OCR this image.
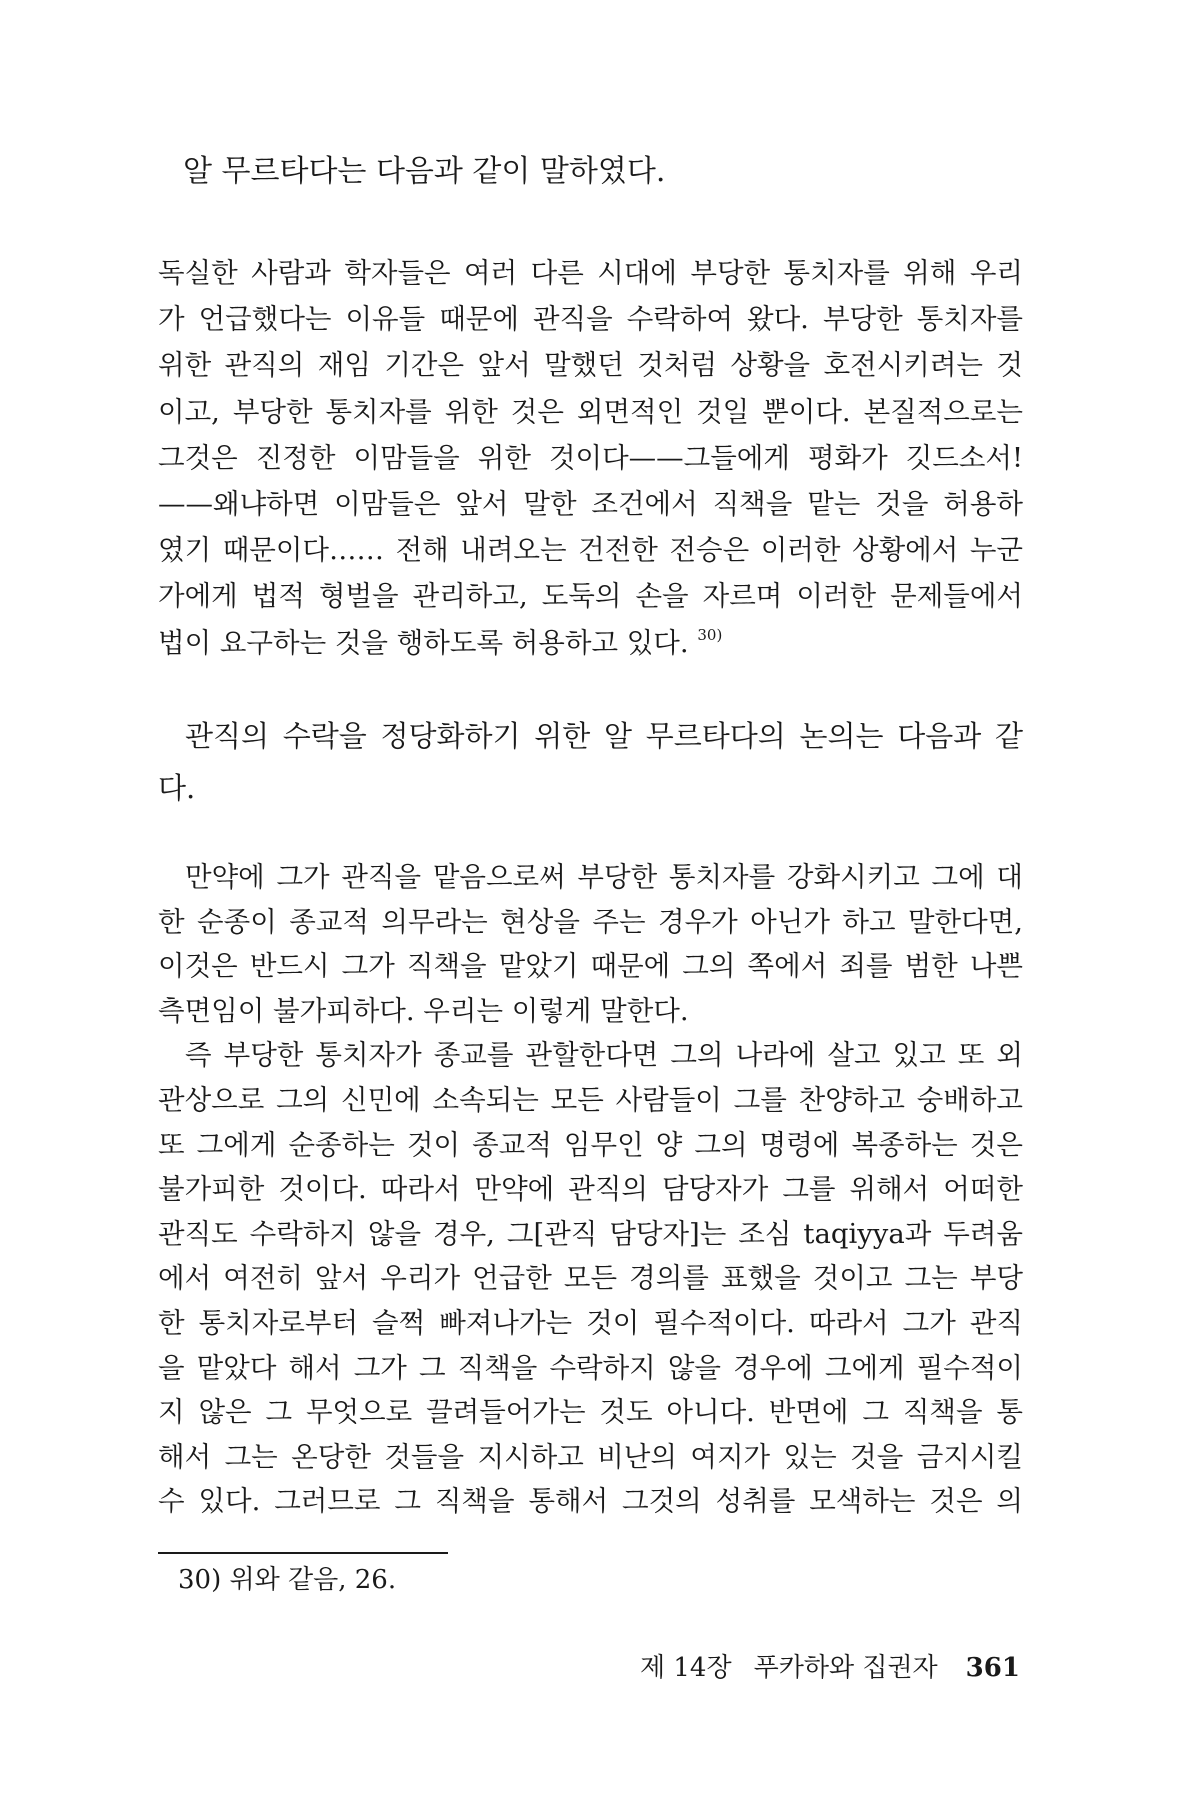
알 무르타다는 다음과 같이 말하였다.

독실한 사람과 학자들은 여러 다른 시대에 부당한 통치자를 위해 우리

가 언급했다는 이유들 때문에 관직을 수락하여 왔다. 부당한 통치자를

위한 관직의 재임 기간은 앞서 말했던 것처럼 상황을 호전시키려는 것

이고, 부당한 통치자를 위한 것은 외면적인 것일 뿐이다. 본질적으로는

그것은 진정한 이맘들을 위한 것이다——그들에게 평화가 깃드소서!

——왜냐하면 이맘들은 앞서 말한 조건에서 직책을 맡는 것을 허용하

였기 때문이다…… 전해 내려오는 건전한 전승은 이러한 상황에서 누군

가에게 법적 형벌을 관리하고, 도둑의 손을 자르며 이러한 문제들에서

법이 요구하는 것을 행하도록 허용하고 있다. $^{30)}$

관직의 수락을 정당화하기 위한 알 무르타다의 논의는 다음과 같

다.

만약에 그가 관직을 맡음으로써 부당한 통치자를 강화시키고 그에 대

한 순종이 종교적 의무라는 현상을 주는 경우가 아닌가 하고 말한다면,

이것은 반드시 그가 직책을 맡았기 때문에 그의 쪽에서 죄를 범한 나쁜

측면임이 불가피하다. 우리는 이렇게 말한다.

즉 부당한 통치자가 종교를 관할한다면 그의 나라에 살고 있고 또 외

관상으로 그의 신민에 소속되는 모든 사람들이 그를 찬양하고 숭배하고

또 그에게 순종하는 것이 종교적 임무인 양 그의 명령에 복종하는 것은

불가피한 것이다. 따라서 만약에 관직의 담당자가 그를 위해서 어떠한

관직도 수락하지 않을 경우, 그[관직 담당자]는 조심 taqiyya과 두려움

에서 여전히 앞서 우리가 언급한 모든 경의를 표했을 것이고 그는 부당

한 통치자로부터 슬쩍 빠져나가는 것이 필수적이다. 따라서 그가 관직

을 맡았다 해서 그가 그 직책을 수락하지 않을 경우에 그에게 필수적이

지 않은 그 무엇으로 끌려들어가는 것도 아니다. 반면에 그 직책을 통

해서 그는 온당한 것들을 지시하고 비난의 여지가 있는 것을 금지시킬

수 있다. 그러므로 그 직책을 통해서 그것의 성취를 모색하는 것은 의

30) 위와 같음, 26.

제 14장 푸카하와 집권자 361
